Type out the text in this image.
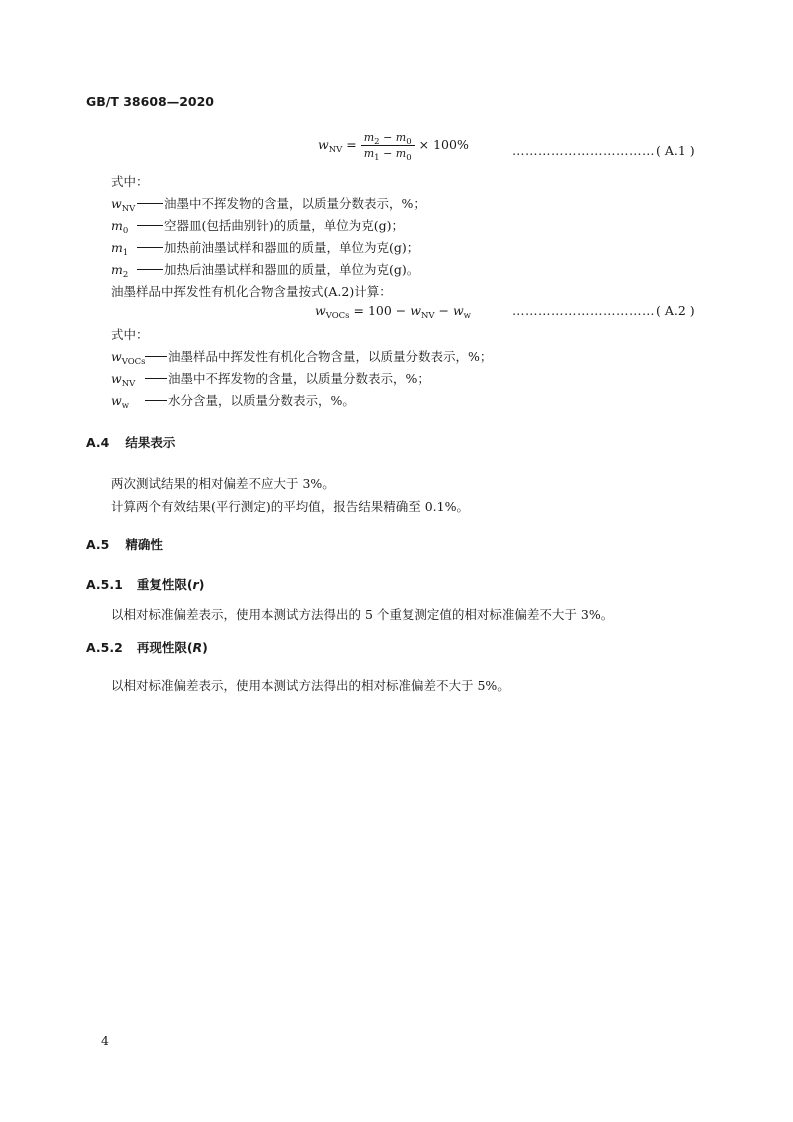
GB/T 38608—2020
$w_{NV} = \frac{m_2 - m_0}{m_1 - m_0} \times 100\%$	…………………………… ( A.1 )
式中：
$w_{NV}$ 油墨中不挥发物的含量，以质量分数表示，%；
$m_0$	空器皿(包括曲别针)的质量，单位为克(g)；
$m_1$	加热前油墨试样和器皿的质量，单位为克(g)；
$m_2$	加热后油墨试样和器皿的质量，单位为克(g)。
油墨样品中挥发性有机化合物含量按式(A.2)计算：
$w_{VOCs} = 100 - w_{NV} - w_w$	…………………………… ( A.2 )
式中：
$w_{VOCs}$ 油墨样品中挥发性有机化合物含量，以质量分数表示，%；
$w_{NV}$	油墨中不挥发物的含量，以质量分数表示，%；
$w_w$	水分含量，以质量分数表示，%。
A.4 结果表示
两次测试结果的相对偏差不应大于 3%。
计算两个有效结果(平行测定)的平均值，报告结果精确至 0.1%。
A.5 精确性
A.5.1 重复性限(r)
以相对标准偏差表示，使用本测试方法得出的 5 个重复测定值的相对标准偏差不大于 3%。
A.5.2 再现性限(R)
以相对标准偏差表示，使用本测试方法得出的相对标准偏差不大于 5%。
4
